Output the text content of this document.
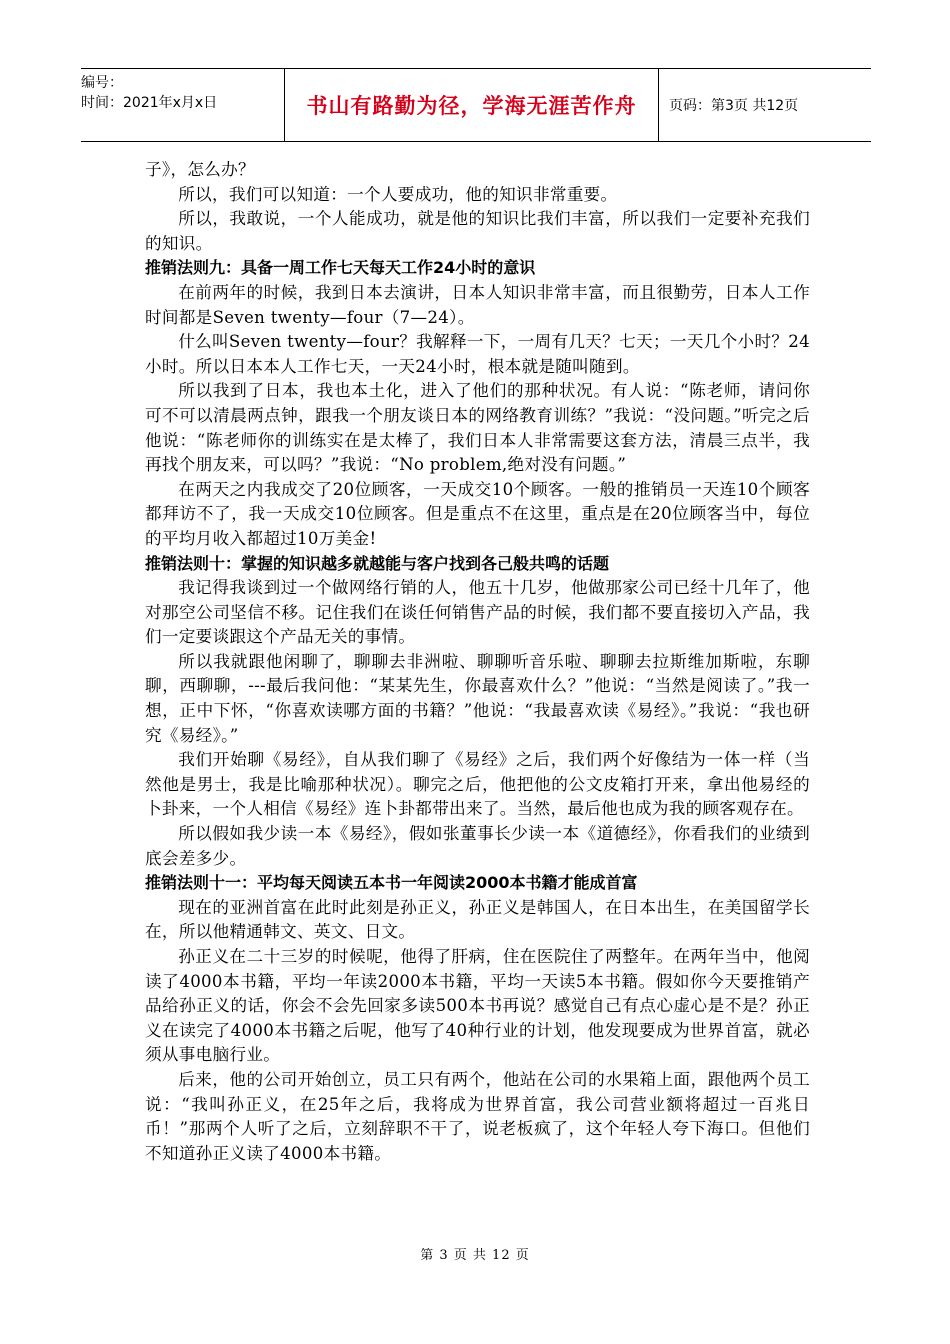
编号：
时间：2021年x月x日	书山有路勤为径，学海无涯苦作舟	页码：第3页 共12页

子》，怎么办？

所以，我们可以知道：一个人要成功，他的知识非常重要。

所以，我敢说，一个人能成功，就是他的知识比我们丰富，所以我们一定要补充我们的知识。

推销法则九：具备一周工作七天每天工作24小时的意识

在前两年的时候，我到日本去演讲，日本人知识非常丰富，而且很勤劳，日本人工作时间都是Seven twenty—four（7—24）。

什么叫Seven twenty—four？我解释一下，一周有几天？七天；一天几个小时？24小时。所以日本本人工作七天，一天24小时，根本就是随叫随到。

所以我到了日本，我也本土化，进入了他们的那种状况。有人说：“陈老师，请问你可不可以清晨两点钟，跟我一个朋友谈日本的网络教育训练？”我说：“没问题。”听完之后他说：“陈老师你的训练实在是太棒了，我们日本人非常需要这套方法，清晨三点半，我再找个朋友来，可以吗？”我说：“No problem,绝对没有问题。”

在两天之内我成交了20位顾客，一天成交10个顾客。一般的推销员一天连10个顾客都拜访不了，我一天成交10位顾客。但是重点不在这里，重点是在20位顾客当中，每位的平均月收入都超过10万美金!

推销法则十：掌握的知识越多就越能与客户找到各己般共鸣的话题

我记得我谈到过一个做网络行销的人，他五十几岁，他做那家公司已经十几年了，他对那空公司坚信不移。记住我们在谈任何销售产品的时候，我们都不要直接切入产品，我们一定要谈跟这个产品无关的事情。

所以我就跟他闲聊了，聊聊去非洲啦、聊聊听音乐啦、聊聊去拉斯维加斯啦，东聊聊，西聊聊，---最后我问他：“某某先生，你最喜欢什么？”他说：“当然是阅读了。”我一想，正中下怀，“你喜欢读哪方面的书籍？”他说：“我最喜欢读《易经》。”我说：“我也研究《易经》。”

我们开始聊《易经》，自从我们聊了《易经》之后，我们两个好像结为一体一样（当然他是男士，我是比喻那种状况）。聊完之后，他把他的公文皮箱打开来，拿出他易经的卜卦来，一个人相信《易经》连卜卦都带出来了。当然，最后他也成为我的顾客观存在。

所以假如我少读一本《易经》，假如张董事长少读一本《道德经》，你看我们的业绩到底会差多少。

推销法则十一：平均每天阅读五本书一年阅读2000本书籍才能成首富

现在的亚洲首富在此时此刻是孙正义，孙正义是韩国人，在日本出生，在美国留学长在，所以他精通韩文、英文、日文。

孙正义在二十三岁的时候呢，他得了肝病，住在医院住了两整年。在两年当中，他阅读了4000本书籍，平均一年读2000本书籍，平均一天读5本书籍。假如你今天要推销产品给孙正义的话，你会不会先回家多读500本书再说？感觉自己有点心虚心是不是？孙正义在读完了4000本书籍之后呢，他写了40种行业的计划，他发现要成为世界首富，就必须从事电脑行业。

后来，他的公司开始创立，员工只有两个，他站在公司的水果箱上面，跟他两个员工说：“我叫孙正义，在25年之后，我将成为世界首富，我公司营业额将超过一百兆日币！”那两个人听了之后，立刻辞职不干了，说老板疯了，这个年轻人夸下海口。但他们不知道孙正义读了4000本书籍。

第 3 页 共 12 页
